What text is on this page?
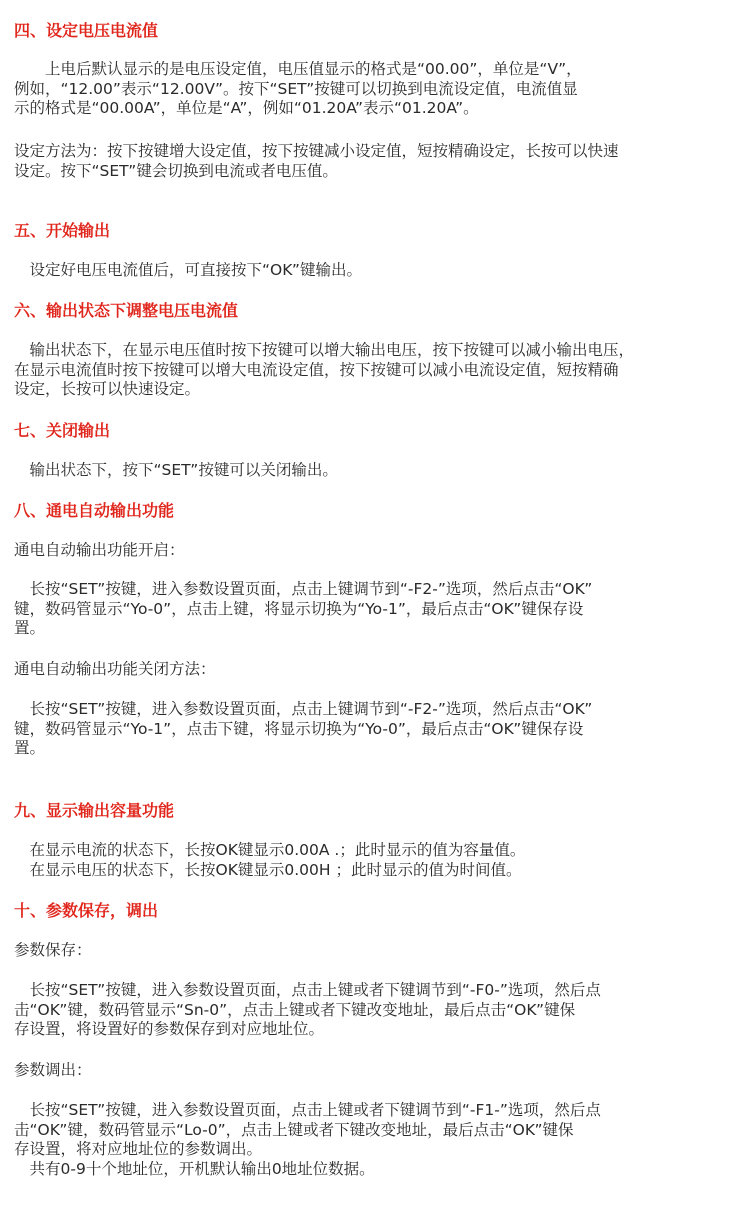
四、设定电压电流值

　　上电后默认显示的是电压设定值，电压值显示的格式是“00.00”，单位是“V”，
例如，“12.00”表示“12.00V”。按下“SET”按键可以切换到电流设定值，电流值显
示的格式是“00.00A”，单位是“A”，例如“01.20A”表示“01.20A”。

设定方法为：按下按键增大设定值，按下按键减小设定值，短按精确设定，长按可以快速
设定。按下“SET”键会切换到电流或者电压值。

五、开始输出

　设定好电压电流值后，可直接按下“OK”键输出。

六、输出状态下调整电压电流值

　输出状态下，在显示电压值时按下按键可以增大输出电压，按下按键可以减小输出电压，
在显示电流值时按下按键可以增大电流设定值，按下按键可以减小电流设定值，短按精确
设定，长按可以快速设定。

七、关闭输出

　输出状态下，按下“SET”按键可以关闭输出。

八、通电自动输出功能

通电自动输出功能开启：

　长按“SET”按键，进入参数设置页面，点击上键调节到“-F2-”选项，然后点击“OK”
键，数码管显示“Yo-0”，点击上键，将显示切换为“Yo-1”，最后点击“OK”键保存设
置。

通电自动输出功能关闭方法：

　长按“SET”按键，进入参数设置页面，点击上键调节到“-F2-”选项，然后点击“OK”
键，数码管显示“Yo-1”，点击下键，将显示切换为“Yo-0”，最后点击“OK”键保存设
置。

九、显示输出容量功能

　在显示电流的状态下，长按OK键显示0.00A .；此时显示的值为容量值。
　在显示电压的状态下，长按OK键显示0.00H ；此时显示的值为时间值。

十、参数保存，调出

参数保存：

　长按“SET”按键，进入参数设置页面，点击上键或者下键调节到“-F0-”选项，然后点
击“OK”键，数码管显示“Sn-0”，点击上键或者下键改变地址，最后点击“OK”键保
存设置，将设置好的参数保存到对应地址位。

参数调出：

　长按“SET”按键，进入参数设置页面，点击上键或者下键调节到“-F1-”选项，然后点
击“OK”键，数码管显示“Lo-0”，点击上键或者下键改变地址，最后点击“OK”键保
存设置，将对应地址位的参数调出。
　共有0-9十个地址位，开机默认输出0地址位数据。
